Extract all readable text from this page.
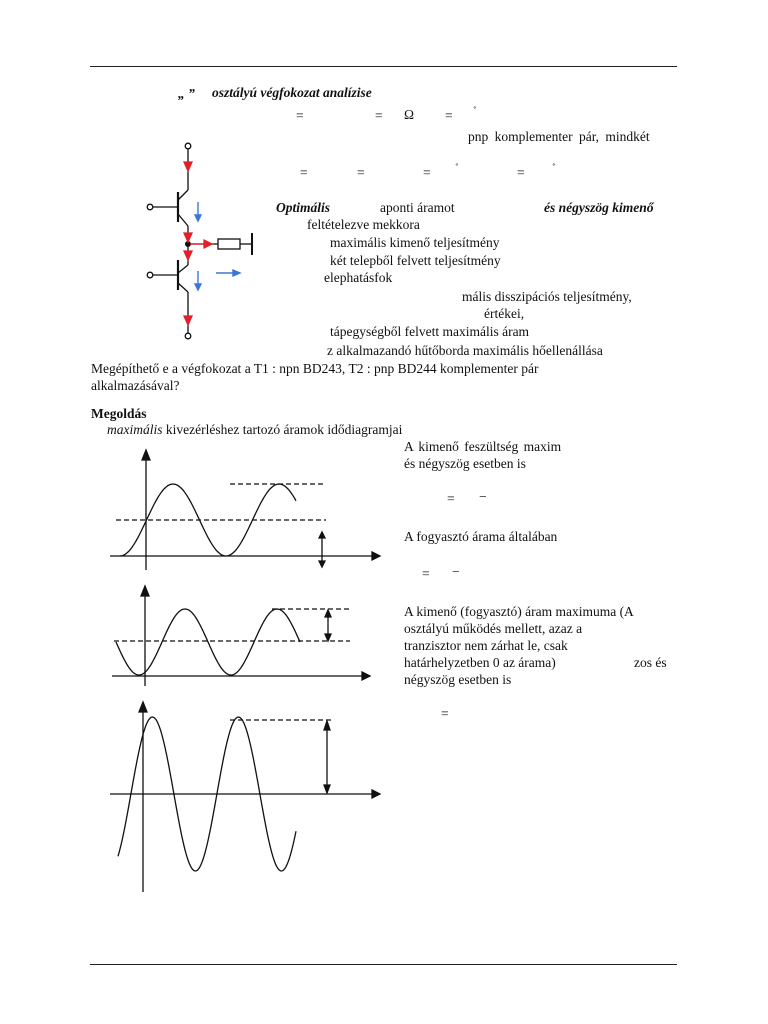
„ ” osztályú végfokozat analízise
=	= Ω = ˚
pnp komplementer pár, mindkét
=	=	= ˚	= ˚
Optimális	aponti áramot	és négyszög kimenő
feltételezve mekkora
maximális kimenő teljesítmény
két telepből felvett teljesítmény
elephatásfok
mális disszipációs teljesítmény,
értékei,
tápegységből felvett maximális áram
z alkalmazandó hűtőborda maximális hőellenállása
Megépíthető e a végfokozat a T1 : npn BD243, T2 : pnp BD244 komplementer pár
alkalmazásával?
Megoldás
maximális kivezérléshez tartozó áramok idődiagramjai
A kimenő feszültség maxim
és négyszög esetben is
= −
A fogyasztó árama általában
= −
A kimenő (fogyasztó) áram maximuma (A
osztályú működés mellett, azaz a
tranzisztor nem zárhat le, csak
határhelyzetben 0 az árama)	zos és
négyszög esetben is
=
